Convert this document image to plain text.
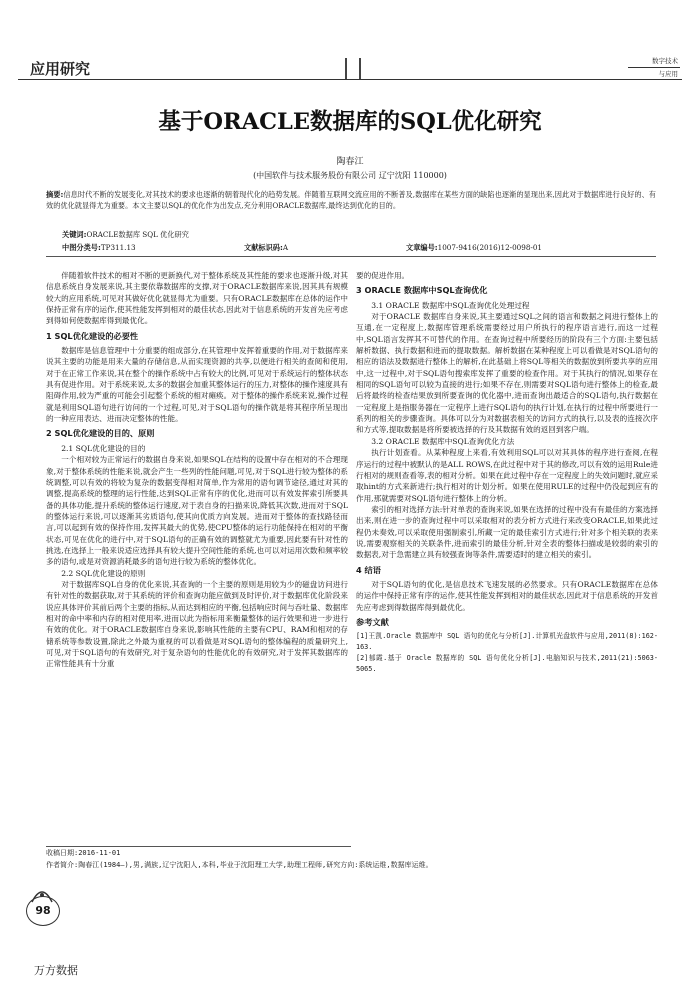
应用研究	数字技术
与应用
基于ORACLE数据库的SQL优化研究
陶春江
(中国软件与技术服务股份有限公司 辽宁沈阳 110000)
摘要:信息时代不断的发展变化,对其技术的要求也逐渐的朝着现代化的趋势发展。伴随着互联网交流应用的不断普及,数据库在某些方面的缺陷也逐渐的显现出来,因此对于数据库进行良好的、有效的优化就显得尤为重要。本文主要以SQL的优化作为出发点,充分利用ORACLE数据库,最终达到优化的目的。
关键词:ORACLE数据库 SQL 优化研究
中图分类号:TP311.13	文献标识码:A	文章编号:1007-9416(2016)12-0098-01

伴随着软件技术的相对不断的更新换代,对于整体系统及其性能的要求也逐渐升级,对其信息系统自身发展来说,其主要依靠数据库的支撑,对于ORACLE数据库来说,因其具有规模较大的应用系统,可见对其做好优化就显得尤为重要。只有ORACLE数据库在总体的运作中保持正常有序的运作,使其性能发挥到相对的最佳状态,因此对于信息系统的开发首先应考虑到得如何使数据库得到最优化。

1 SQL优化建设的必要性

数据库是信息管理中十分重要的组成部分,在其管理中发挥着重要的作用,对于数据库来说其主要的功能是用来大量的存储信息,从而实现资源的共享,以便进行相关的查阅和使用,对于在正常工作来说,其在整个的操作系统中占有较大的比例,可见对于系统运行的整体状态具有促进作用。对于系统来说,太多的数据会加重其整体运行的压力,对整体的操作速度具有阻碍作用,较为严重的可能会引起整个系统的相对瘫痪。对于整体的操作系统来说,操作过程就是利用SQL语句进行访问的一个过程,可见,对于SQL语句的操作就是将其程序所呈现出的一种应用表达、进而决定整体的性能。

2 SQL优化建设的目的、原则
2.1 SQL优化建设的目的

一个相对较为正常运行的数据自身来说,如果SQL在结构的设置中存在相对的不合理现象,对于整体系统的性能来说,就会产生一些列的性能问题,可见,对于SQL进行较为整体的系统调整,可以有效的将较为复杂的数据变得相对简单,作为常用的语句调节途径,通过对其的调整,提高系统的整理的运行性能,达到SQL正常有序的优化,进而可以有效发挥索引所要具备的具体功能,提升系统的整体运行速度,对于表自身的扫描来说,降低其次数,进而对于SQL的整体运行来说,可以逐渐其劣质语句,使其向优质方向发展。进而对于整体的查找路径而言,可以起到有效的保持作用,发挥其最大的优势,使CPU整体的运行功能保持在相对的平衡状态,可见在优化的进行中,对于SQL语句的正确有效的调整就尤为重要,因此要有针对性的挑选,在选择上一般来说适应选择具有较大提升空间性能的系统,也可以对运用次数和频率较多的语句,或是对资源消耗最多的语句进行较为系统的整体优化。

2.2 SQL优化建设的原则

对于数据库SQL自身的优化来说,其查询的一个主要的原则是用较为少的磁盘访问进行有针对性的数据获取,对于其系统的评价和查询功能应做到及时评价,对于数据库优化阶段来说应具体评价其前后两个主要的指标,从而达到相应的平衡,包括响应时间与吞吐量、数据库相对的命中率和内存的相对使用率,进而以此为指标用来衡量整体的运行效果和进一步进行有效的优化。对于ORACLE数据库自身来说,影响其性能的主要有CPU、RAM和相对的存储系统等参数设置,除此之外最为重视的可以看做是对SQL语句的整体编程的质量研究上,可见,对于SQL语句的有效研究,对于复杂语句的性能优化的有效研究,对于发挥其数据库的正常性能具有十分重

要的促进作用。

3 ORACLE 数据库中SQL查询优化
3.1 ORACLE 数据库中SQL查询优化处理过程

对于ORACLE 数据库自身来说,其主要通过SQL之间的语言和数据之间进行整体上的互通,在一定程度上,数据库管理系统需要经过用户所执行的程序语言进行,而这一过程中,SQL语言发挥其不可替代的作用。在查询过程中所要经历的阶段有三个方面:主要包括解析数据、执行数据和进而的提取数据。解析数据在某种程度上可以看做是对SQL语句的相应的语法及数据进行整体上的解析,在此基础上将SQL等相关的数据放到所要共享的应用中,这一过程中,对于SQL语句搜索库发挥了重要的检查作用。对于其执行的情况,如果存在相同的SQL语句可以较为直接的进行;如果不存在,则需要对SQL语句进行整体上的检查,最后将最终的检查结果放到所要查询的优化器中,进而查询出最适合的SQL语句,执行数据在一定程度上是指服务器在一定程序上进行SQL语句的执行计划,在执行的过程中所要进行一系列的相关的步骤查询。具体可以分为对数据表相关的访问方式的执行,以及表的连接次序和方式等,提取数据是将所要被选择的行及其数据有效的返回到客户端。

3.2 ORACLE 数据库中SQL查询优化方法

执行计划查看。从某种程度上来看,有效利用SQL可以对其具体的程序进行查阅,在程序运行的过程中被默认的是ALL ROWS,在此过程中对于其的修改,可以有效的运用Rule进行相对的规则查看等,表的相对分析。如果在此过程中存在一定程度上的失效问题时,就应采取hint的方式来新进行;执行相对的计划分析。如果在使用RULE的过程中仍没起到应有的作用,那就需要对SQL语句进行整体上的分析。

索引的相对选择方法:针对单表的查询来说,如果在选择的过程中没有有最佳的方案选择出来,则在进一步的查询过程中可以采取相对的表分析方式进行来改变ORACLE,如果此过程仍未奏效,可以采取使用强制索引,所藏一定的最佳索引方式进行;针对多个相关联的表来说,需要观察相关的关联条件,进而索引的最佳分析,针对全表的整体扫描或是较弱的索引的数据表,对于急需建立具有较强查询等条件,需要适时的建立相关的索引。

4 结语

对于SQL语句的优化,是信息技术飞速发展的必然要求。只有ORACLE数据库在总体的运作中保持正常有序的运作,使其性能发挥到相对的最佳状态,因此对于信息系统的开发首先应考虑到得数据库得到最优化。

参考文献

[1]王凯.Oracle 数据库中 SQL 语句的优化与分析[J].计算机光盘软件与应用,2011(8):162-163.

[2]郁霞.基于 Oracle 数据库的 SQL 语句优化分析[J].电脑知识与技术,2011(21):5063-5065.

收稿日期:2016-11-01
作者简介:陶春江(1984—),男,满族,辽宁沈阳人,本科,毕业于沈阳理工大学,助理工程师,研究方向:系统运维,数据库运维。
98
万方数据
